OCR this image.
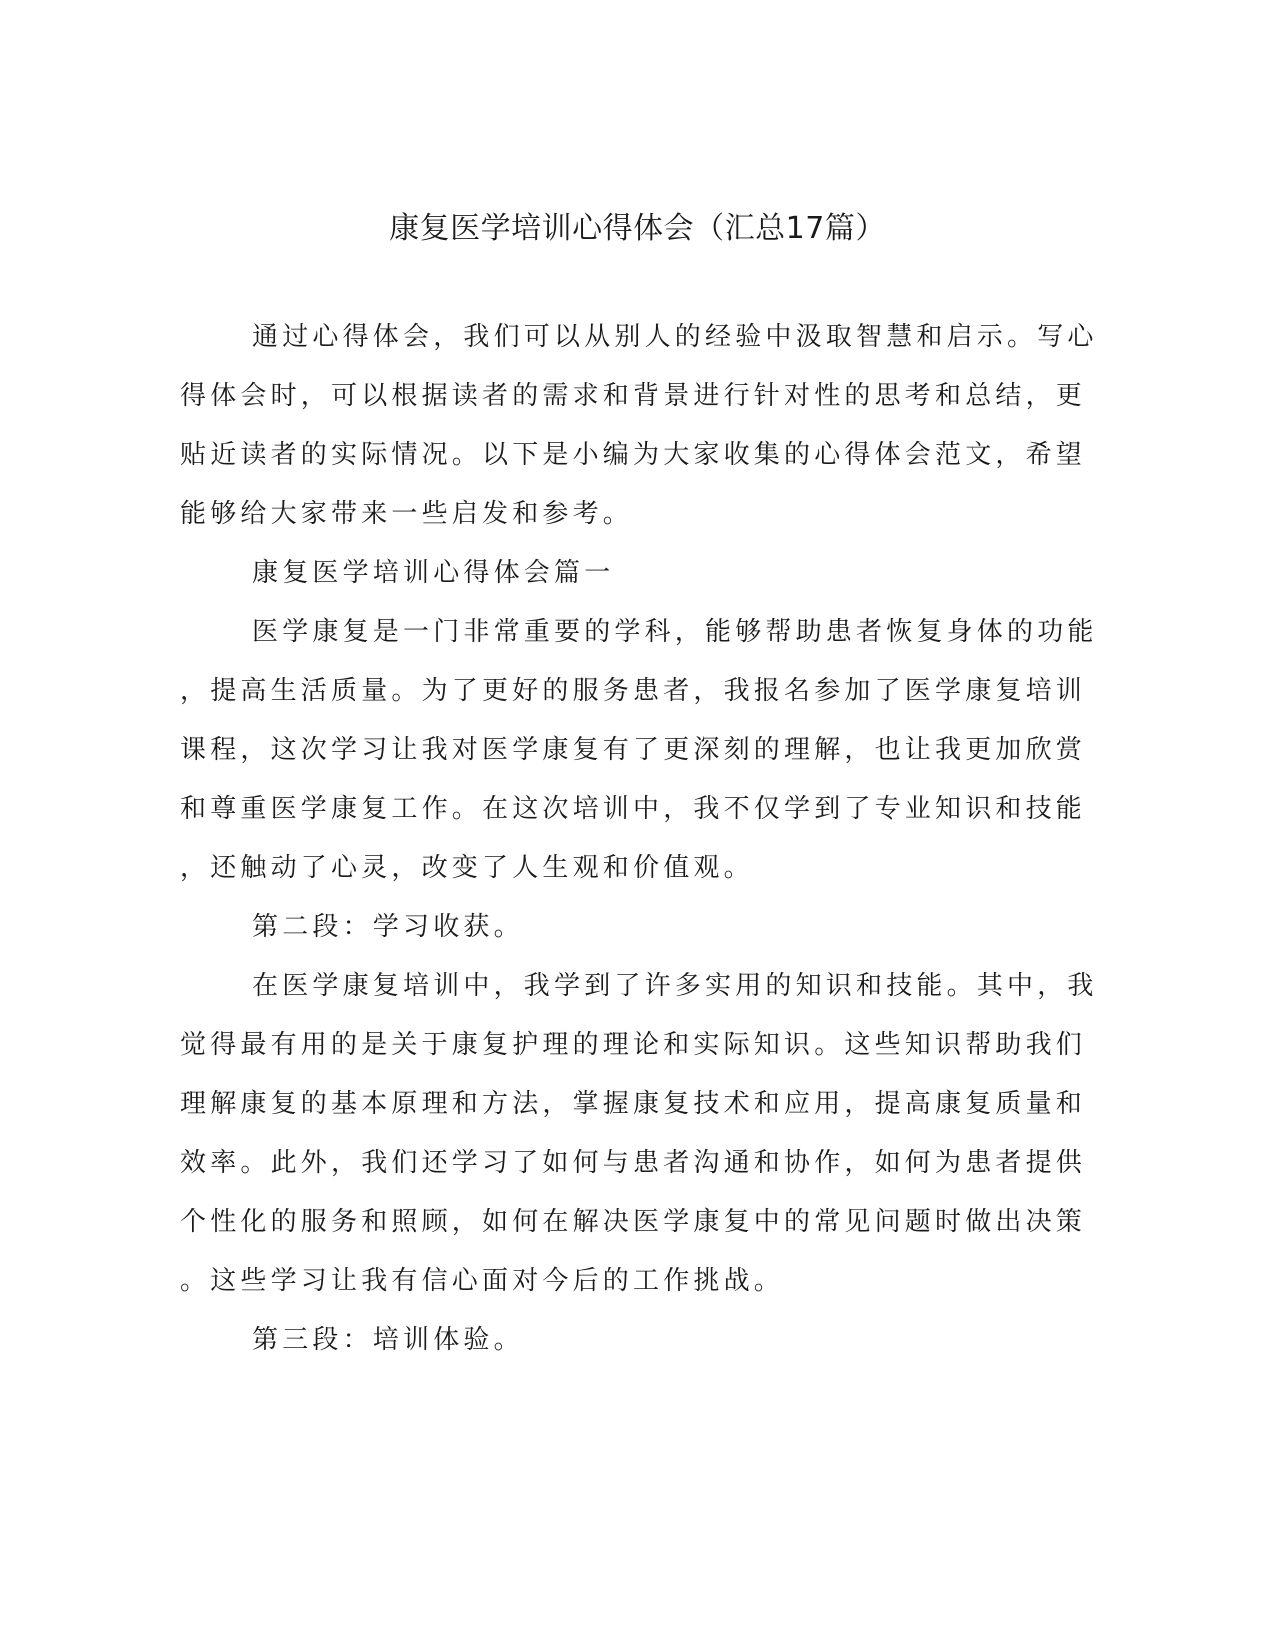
康复医学培训心得体会（汇总17篇）
通过心得体会，我们可以从别人的经验中汲取智慧和启示。写心
得体会时，可以根据读者的需求和背景进行针对性的思考和总结，更
贴近读者的实际情况。以下是小编为大家收集的心得体会范文，希望
能够给大家带来一些启发和参考。
康复医学培训心得体会篇一
医学康复是一门非常重要的学科，能够帮助患者恢复身体的功能
，提高生活质量。为了更好的服务患者，我报名参加了医学康复培训
课程，这次学习让我对医学康复有了更深刻的理解，也让我更加欣赏
和尊重医学康复工作。在这次培训中，我不仅学到了专业知识和技能
，还触动了心灵，改变了人生观和价值观。
第二段：学习收获。
在医学康复培训中，我学到了许多实用的知识和技能。其中，我
觉得最有用的是关于康复护理的理论和实际知识。这些知识帮助我们
理解康复的基本原理和方法，掌握康复技术和应用，提高康复质量和
效率。此外，我们还学习了如何与患者沟通和协作，如何为患者提供
个性化的服务和照顾，如何在解决医学康复中的常见问题时做出决策
。这些学习让我有信心面对今后的工作挑战。
第三段：培训体验。
